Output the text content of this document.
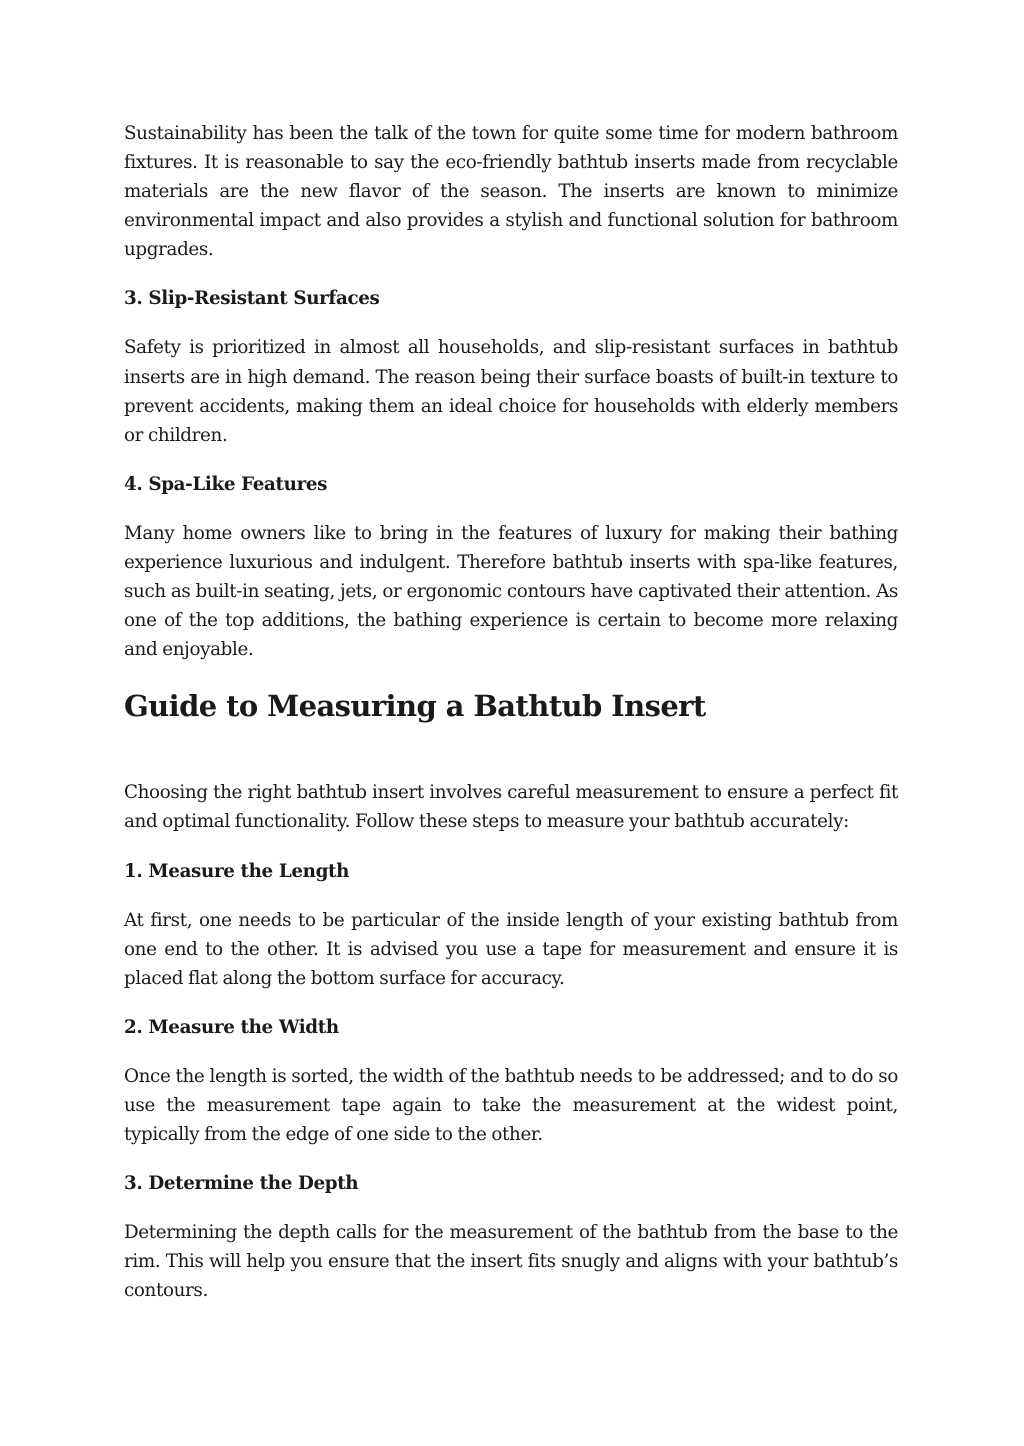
Sustainability has been the talk of the town for quite some time for modern bathroom fixtures. It is reasonable to say the eco-friendly bathtub inserts made from recyclable materials are the new flavor of the season. The inserts are known to minimize environmental impact and also provides a stylish and functional solution for bathroom upgrades.

3. Slip-Resistant Surfaces

Safety is prioritized in almost all households, and slip-resistant surfaces in bathtub inserts are in high demand. The reason being their surface boasts of built-in texture to prevent accidents, making them an ideal choice for households with elderly members or children.

4. Spa-Like Features

Many home owners like to bring in the features of luxury for making their bathing experience luxurious and indulgent. Therefore bathtub inserts with spa-like features, such as built-in seating, jets, or ergonomic contours have captivated their attention. As one of the top additions, the bathing experience is certain to become more relaxing and enjoyable.

Guide to Measuring a Bathtub Insert

Choosing the right bathtub insert involves careful measurement to ensure a perfect fit and optimal functionality. Follow these steps to measure your bathtub accurately:

1. Measure the Length

At first, one needs to be particular of the inside length of your existing bathtub from one end to the other. It is advised you use a tape for measurement and ensure it is placed flat along the bottom surface for accuracy.

2. Measure the Width

Once the length is sorted, the width of the bathtub needs to be addressed; and to do so use the measurement tape again to take the measurement at the widest point, typically from the edge of one side to the other.

3. Determine the Depth

Determining the depth calls for the measurement of the bathtub from the base to the rim. This will help you ensure that the insert fits snugly and aligns with your bathtub’s contours.
